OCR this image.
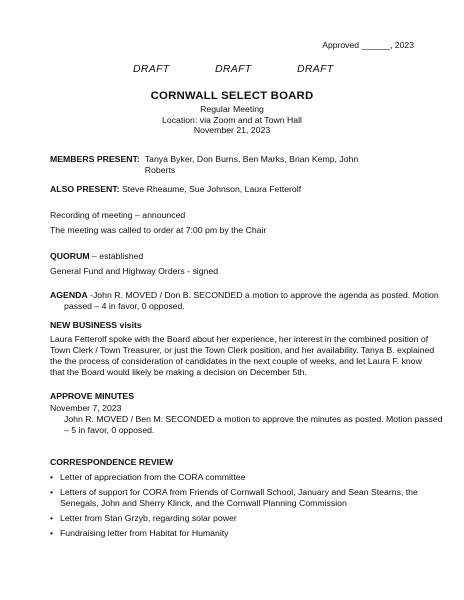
Approved ______, 2023
DRAFT	DRAFT	DRAFT
CORNWALL SELECT BOARD
Regular Meeting
Location: via Zoom and at Town Hall
November 21, 2023
MEMBERS PRESENT: Tanya Byker, Don Burns, Ben Marks, Brian Kemp, John Roberts
ALSO PRESENT: Steve Rheaume, Sue Johnson, Laura Fetterolf
Recording of meeting – announced
The meeting was called to order at 7:00 pm by the Chair
QUORUM – established
General Fund and Highway Orders - signed
AGENDA -John R. MOVED / Don B. SECONDED a motion to approve the agenda as posted. Motion passed – 4 in favor, 0 opposed.
NEW BUSINESS visits
Laura Fetterolf spoke with the Board about her experience, her interest in the combined position of Town Clerk / Town Treasurer, or just the Town Clerk position, and her availability. Tanya B. explained the the process of consideration of candidates in the next couple of weeks, and let Laura F. know that the Board would likely be making a decision on December 5th.
APPROVE MINUTES
November 7, 2023
John R. MOVED / Ben M. SECONDED a motion to approve the minutes as posted. Motion passed – 5 in favor, 0 opposed.
CORRESPONDENCE REVIEW
• Letter of appreciation from the CORA committee
• Letters of support for CORA from Friends of Cornwall School, January and Sean Stearns, the Senegals, John and Sherry Klinck, and the Cornwall Planning Commission
• Letter from Stan Grzyb, regarding solar power
• Fundraising letter from Habitat for Humanity
